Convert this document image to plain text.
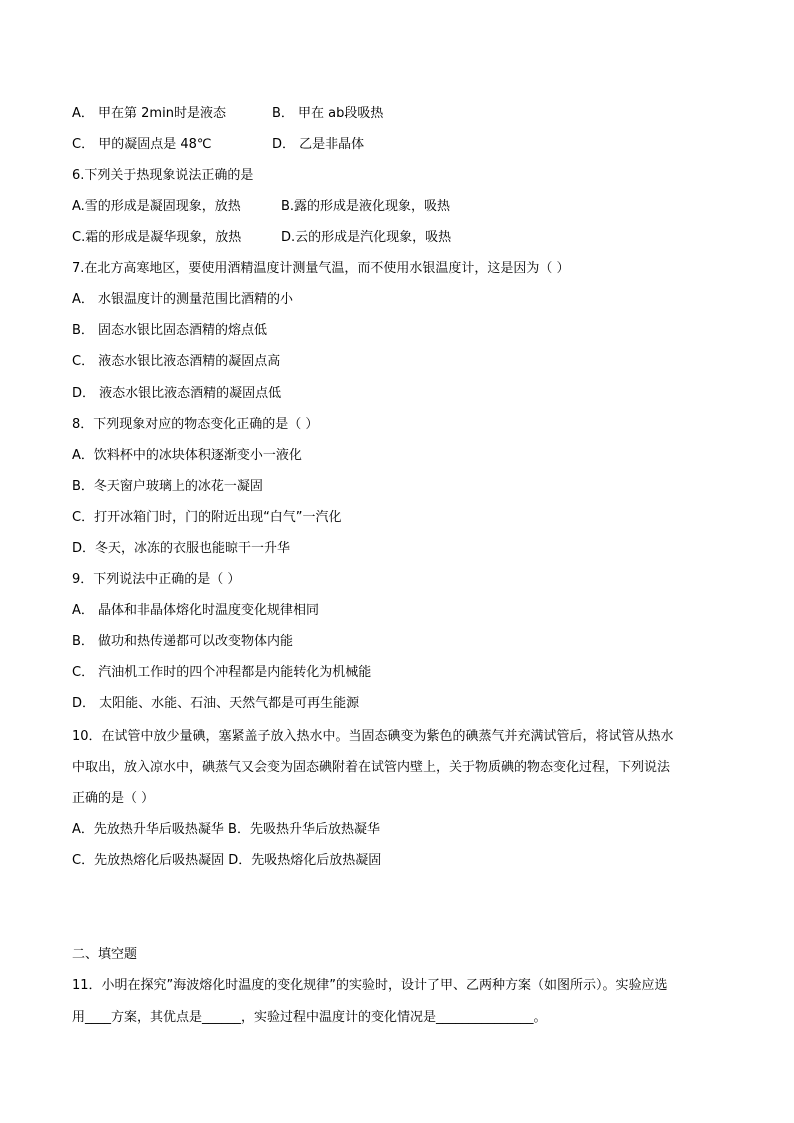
A． 甲在第 2min时是液态	B． 甲在 ab段吸热
C． 甲的凝固点是 48℃	D． 乙是非晶体
6.下列关于热现象说法正确的是
A.雪的形成是凝固现象，放热	B.露的形成是液化现象，吸热
C.霜的形成是凝华现象，放热	D.云的形成是汽化现象，吸热
7.在北方高寒地区，要使用酒精温度计测量气温，而不使用水银温度计，这是因为（ ）
A． 水银温度计的测量范围比酒精的小
B． 固态水银比固态酒精的熔点低
C． 液态水银比液态酒精的凝固点高
D． 液态水银比液态酒精的凝固点低
8．下列现象对应的物态变化正确的是（ ）
A．饮料杯中的冰块体积逐渐变小一液化
B．冬天窗户玻璃上的冰花一凝固
C．打开冰箱门时，门的附近出现“白气”一汽化
D．冬天，冰冻的衣服也能晾干一升华
9．下列说法中正确的是（ ）
A． 晶体和非晶体熔化时温度变化规律相同
B． 做功和热传递都可以改变物体内能
C． 汽油机工作时的四个冲程都是内能转化为机械能
D． 太阳能、水能、石油、天然气都是可再生能源
10．在试管中放少量碘，塞紧盖子放入热水中。当固态碘变为紫色的碘蒸气并充满试管后，将试管从热水
中取出，放入凉水中，碘蒸气又会变为固态碘附着在试管内壁上，关于物质碘的物态变化过程，下列说法
正确的是（ ）
A．先放热升华后吸热凝华 B．先吸热升华后放热凝华
C．先放热熔化后吸热凝固 D．先吸热熔化后放热凝固
二、填空题
11．小明在探究”海波熔化时温度的变化规律”的实验时，设计了甲、乙两种方案（如图所示）。实验应选
用____方案，其优点是______，实验过程中温度计的变化情况是_______________。
